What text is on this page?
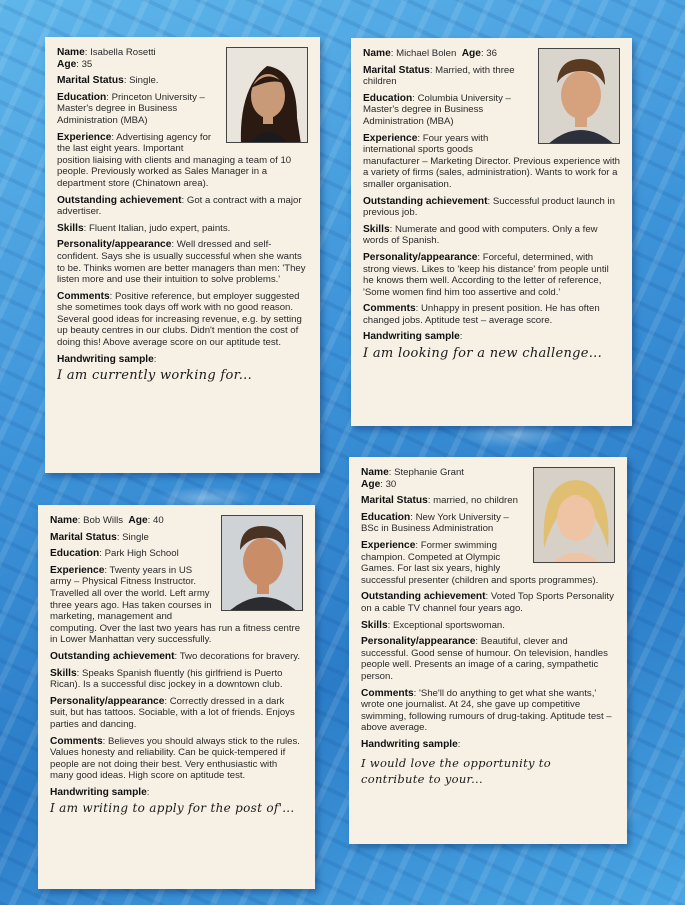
Name: Isabella Rosetti
Age: 35

Marital Status: Single.

Education: Princeton University – Master's degree in Business Administration (MBA)

Experience: Advertising agency for the last eight years. Important position liaising with clients and managing a team of 10 people. Previously worked as Sales Manager in a department store (Chinatown area).

Outstanding achievement: Got a contract with a major advertiser.

Skills: Fluent Italian, judo expert, paints.

Personality/appearance: Well dressed and self-confident. Says she is usually successful when she wants to be. Thinks women are better managers than men: 'They listen more and use their intuition to solve problems.'

Comments: Positive reference, but employer suggested she sometimes took days off work with no good reason. Several good ideas for increasing revenue, e.g. by setting up beauty centres in our clubs. Didn't mention the cost of doing this! Above average score on our aptitude test.

Handwriting sample:

I am currently working for...

Name: Michael Bolen Age: 36

Marital Status: Married, with three children

Education: Columbia University – Master's degree in Business Administration (MBA)

Experience: Four years with international sports goods manufacturer – Marketing Director. Previous experience with a variety of firms (sales, administration). Wants to work for a smaller organisation.

Outstanding achievement: Successful product launch in previous job.

Skills: Numerate and good with computers. Only a few words of Spanish.

Personality/appearance: Forceful, determined, with strong views. Likes to 'keep his distance' from people until he knows them well. According to the letter of reference, 'Some women find him too assertive and cold.'

Comments: Unhappy in present position. He has often changed jobs. Aptitude test – average score.

Handwriting sample:

I am looking for a new challenge...

Name: Bob Wills Age: 40

Marital Status: Single

Education: Park High School

Experience: Twenty years in US army – Physical Fitness Instructor. Travelled all over the world. Left army three years ago. Has taken courses in marketing, management and computing. Over the last two years has run a fitness centre in Lower Manhattan very successfully.

Outstanding achievement: Two decorations for bravery.

Skills: Speaks Spanish fluently (his girlfriend is Puerto Rican). Is a successful disc jockey in a downtown club.

Personality/appearance: Correctly dressed in a dark suit, but has tattoos. Sociable, with a lot of friends. Enjoys parties and dancing.

Comments: Believes you should always stick to the rules. Values honesty and reliability. Can be quick-tempered if people are not doing their best. Very enthusiastic with many good ideas. High score on aptitude test.

Handwriting sample:

I am writing to apply for the post of'...

Name: Stephanie Grant
Age: 30

Marital Status: married, no children

Education: New York University – BSc in Business Administration

Experience: Former swimming champion. Competed at Olympic Games. For last six years, highly successful presenter (children and sports programmes).

Outstanding achievement: Voted Top Sports Personality on a cable TV channel four years ago.

Skills: Exceptional sportswoman.

Personality/appearance: Beautiful, clever and successful. Good sense of humour. On television, handles people well. Presents an image of a caring, sympathetic person.

Comments: 'She'll do anything to get what she wants,' wrote one journalist. At 24, she gave up competitive swimming, following rumours of drug-taking. Aptitude test – above average.

Handwriting sample:

I would love the opportunity to contribute to your...
